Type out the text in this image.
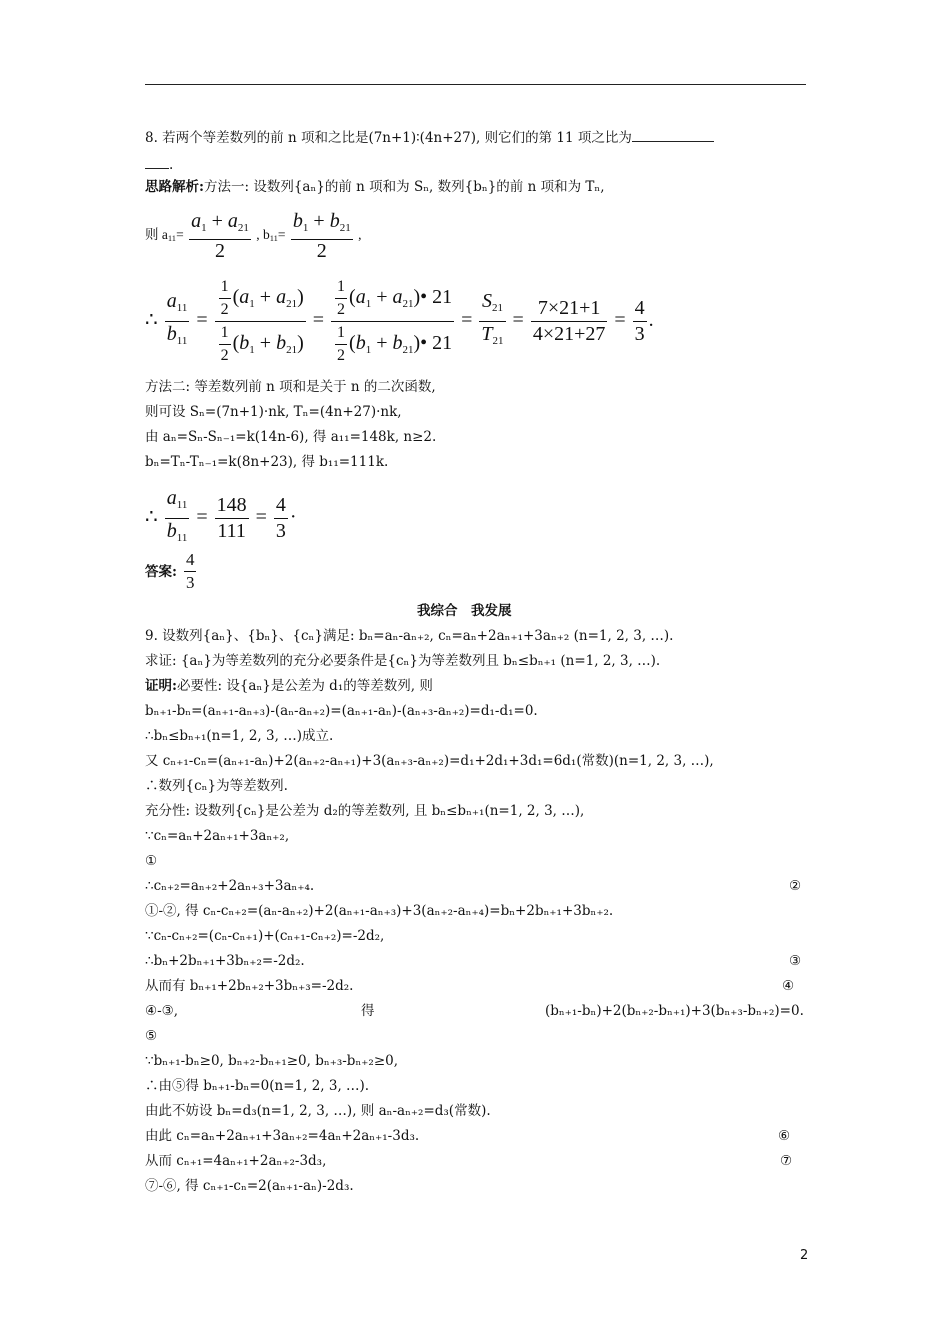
8. 若两个等差数列的前 n 项和之比是(7n+1)∶(4n+27), 则它们的第 11 项之比为
.
思路解析:方法一: 设数列{aₙ}的前 n 项和为 Sₙ, 数列{bₙ}的前 n 项和为 Tₙ,
则 $a_{11}= \frac{a_1 + a_{21}}{2}$ , $b_{11}= \frac{b_1 + b_{21}}{2}$ ,
∴ $\frac{a_{11}}{b_{11}} = \frac{\frac{1}{2} (a_1 + a_{21})}{\frac{1}{2} (b_1 + b_{21})} = \frac{\frac{1}{2} (a_1 + a_{21})• 21}{\frac{1}{2} (b_1 + b_{21})• 21} = \frac{S_{21}}{T_{21}} = \frac{7\times 21+1}{4\times 21+27} = \frac{4}{3}$ .
方法二: 等差数列前 n 项和是关于 n 的二次函数,
则可设 Sₙ=(7n+1)·nk, Tₙ=(4n+27)·nk,
由 aₙ=Sₙ-Sₙ₋₁=k(14n-6), 得 a₁₁=148k, n≥2.
bₙ=Tₙ-Tₙ₋₁=k(8n+23), 得 b₁₁=111k.
∴ $\frac{a_{11}}{b_{11}} = \frac{148}{111} = \frac{4}{3}$ ·
答案: $\frac{4}{3}$
我综合　我发展
9. 设数列{aₙ}、{bₙ}、{cₙ}满足: bₙ=aₙ-aₙ₊₂, cₙ=aₙ+2aₙ₊₁+3aₙ₊₂ (n=1, 2, 3, …).
求证: {aₙ}为等差数列的充分必要条件是{cₙ}为等差数列且 bₙ≤bₙ₊₁ (n=1, 2, 3, …).
证明:必要性: 设{aₙ}是公差为 d₁的等差数列, 则
bₙ₊₁-bₙ=(aₙ₊₁-aₙ₊₃)-(aₙ-aₙ₊₂)=(aₙ₊₁-aₙ)-(aₙ₊₃-aₙ₊₂)=d₁-d₁=0.
∴bₙ≤bₙ₊₁(n=1, 2, 3, …)成立.
又 cₙ₊₁-cₙ=(aₙ₊₁-aₙ)+2(aₙ₊₂-aₙ₊₁)+3(aₙ₊₃-aₙ₊₂)=d₁+2d₁+3d₁=6d₁(常数)(n=1, 2, 3, …),
∴数列{cₙ}为等差数列.
充分性: 设数列{cₙ}是公差为 d₂的等差数列, 且 bₙ≤bₙ₊₁(n=1, 2, 3, …),
∵cₙ=aₙ+2aₙ₊₁+3aₙ₊₂,
①
∴cₙ₊₂=aₙ₊₂+2aₙ₊₃+3aₙ₊₄.	②
①-②, 得 cₙ-cₙ₊₂=(aₙ-aₙ₊₂)+2(aₙ₊₁-aₙ₊₃)+3(aₙ₊₂-aₙ₊₄)=bₙ+2bₙ₊₁+3bₙ₊₂.
∵cₙ-cₙ₊₂=(cₙ-cₙ₊₁)+(cₙ₊₁-cₙ₊₂)=-2d₂,
∴bₙ+2bₙ₊₁+3bₙ₊₂=-2d₂.	③
从而有 bₙ₊₁+2bₙ₊₂+3bₙ₊₃=-2d₂.	④
④-③,	得	(bₙ₊₁-bₙ)+2(bₙ₊₂-bₙ₊₁)+3(bₙ₊₃-bₙ₊₂)=0.
⑤
∵bₙ₊₁-bₙ≥0, bₙ₊₂-bₙ₊₁≥0, bₙ₊₃-bₙ₊₂≥0,
∴由⑤得 bₙ₊₁-bₙ=0(n=1, 2, 3, …).
由此不妨设 bₙ=d₃(n=1, 2, 3, …), 则 aₙ-aₙ₊₂=d₃(常数).
由此 cₙ=aₙ+2aₙ₊₁+3aₙ₊₂=4aₙ+2aₙ₊₁-3d₃.	⑥
从而 cₙ₊₁=4aₙ₊₁+2aₙ₊₂-3d₃,	⑦
⑦-⑥, 得 cₙ₊₁-cₙ=2(aₙ₊₁-aₙ)-2d₃.
2
